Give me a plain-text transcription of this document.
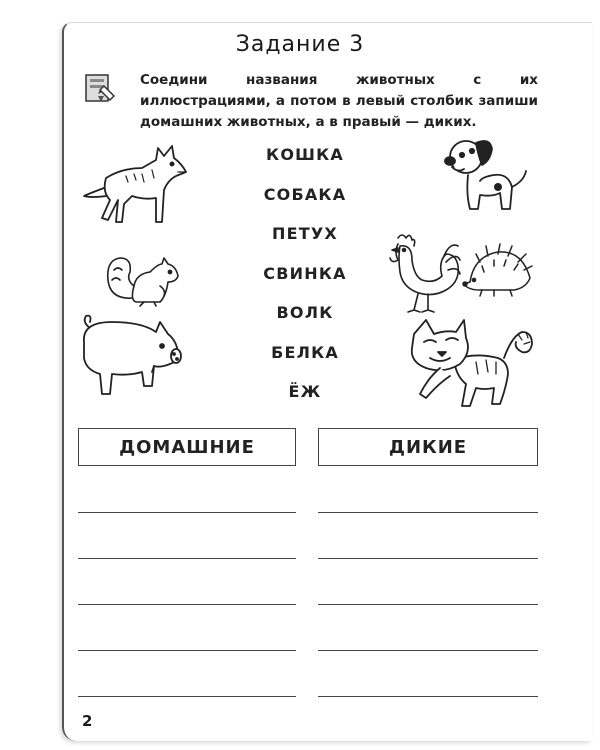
Задание 3
Соедини названия животных с их иллюстрациями, а потом в левый столбик запиши домашних животных, а в правый — диких.
КОШКА
СОБАКА
ПЕТУХ
СВИНКА
ВОЛК
БЕЛКА
ЁЖ
ДОМАШНИЕ	ДИКИЕ
2
